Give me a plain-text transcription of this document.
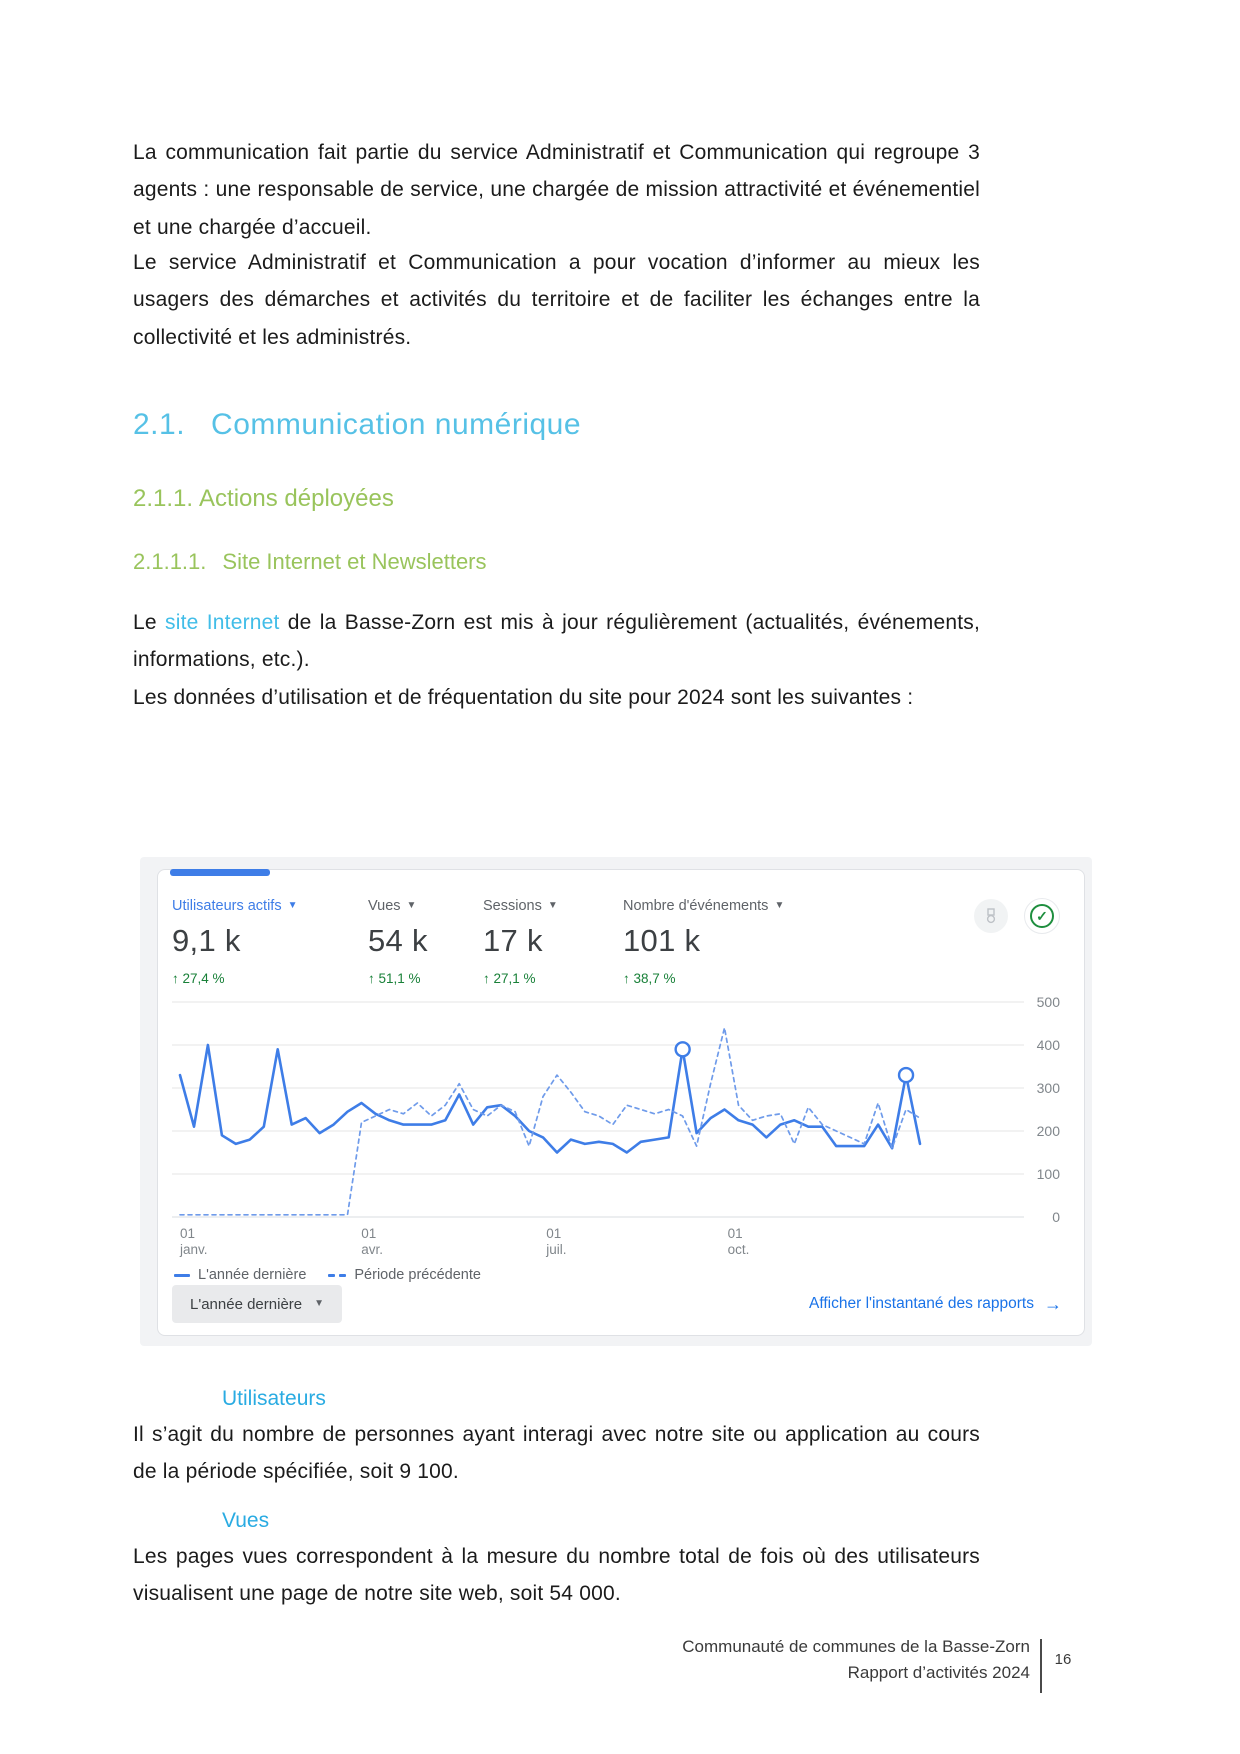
La communication fait partie du service Administratif et Communication qui regroupe 3 agents : une responsable de service, une chargée de mission attractivité et événementiel et une chargée d’accueil.

Le service Administratif et Communication a pour vocation d’informer au mieux les usagers des démarches et activités du territoire et de faciliter les échanges entre la collectivité et les administrés.

2.1. Communication numérique
2.1.1. Actions déployées
2.1.1.1. Site Internet et Newsletters

Le site Internet de la Basse-Zorn est mis à jour régulièrement (actualités, événements, informations, etc.).

Les données d’utilisation et de fréquentation du site pour 2024 sont les suivantes :

Utilisateurs actifs ▼
9,1 k
↑ 27,4 %
Vues ▼
54 k
↑ 51,1 %
Sessions ▼
17 k
↑ 27,1 %
Nombre d'événements ▼
101 k
↑ 38,7 %
✓
0
100
200
300
400
500
01
janv.
01
avr.
01
juil.
01
oct.
L'année dernière	Période précédente
L'année dernière ▼	Afficher l'instantané des rapports →
Utilisateurs

Il s’agit du nombre de personnes ayant interagi avec notre site ou application au cours de la période spécifiée, soit 9 100.

Vues

Les pages vues correspondent à la mesure du nombre total de fois où des utilisateurs visualisent une page de notre site web, soit 54 000.

Communauté de communes de la Basse-Zorn
Rapport d’activités 2024
16
